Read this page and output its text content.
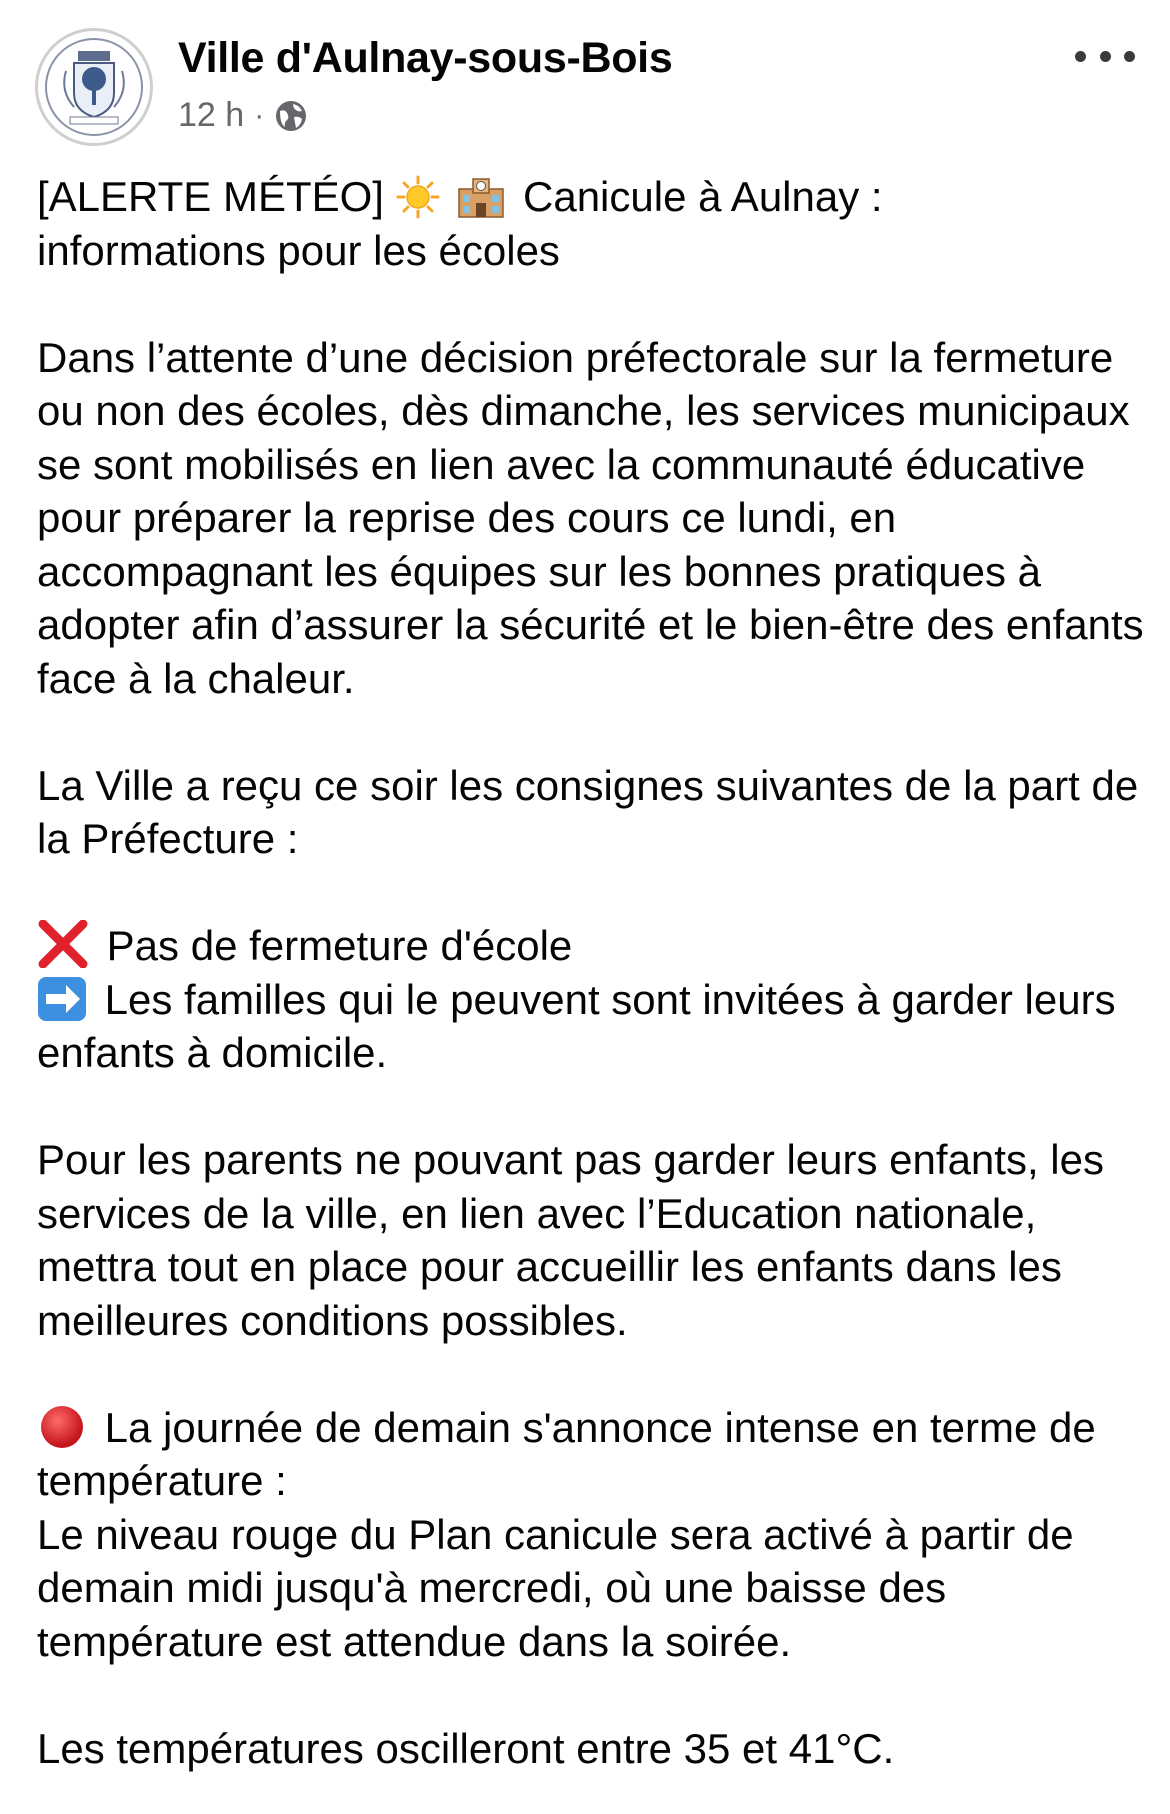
Ville d'Aulnay-sous-Bois
12 h ·

[ALERTE MÉTÉO]
	Canicule à Aulnay :
informations pour les écoles

Dans l’attente d’une décision préfectorale sur la fermeture ou non des écoles, dès dimanche, les services municipaux se sont mobilisés en lien avec la communauté éducative pour préparer la reprise des cours ce lundi, en accompagnant les équipes sur les bonnes pratiques à adopter afin d’assurer la sécurité et le bien-être des enfants face à la chaleur.

La Ville a reçu ce soir les consignes suivantes de la part de la Préfecture :

Pas de fermeture d'école

Les familles qui le peuvent sont invitées à garder leurs enfants à domicile.

Pour les parents ne pouvant pas garder leurs enfants, les services de la ville, en lien avec l’Education nationale, mettra tout en place pour accueillir les enfants dans les meilleures conditions possibles.

La journée de demain s'annonce intense en terme de température :
Le niveau rouge du Plan canicule sera activé à partir de demain midi jusqu'à mercredi, où une baisse des température est attendue dans la soirée.

Les températures oscilleront entre 35 et 41°C.
